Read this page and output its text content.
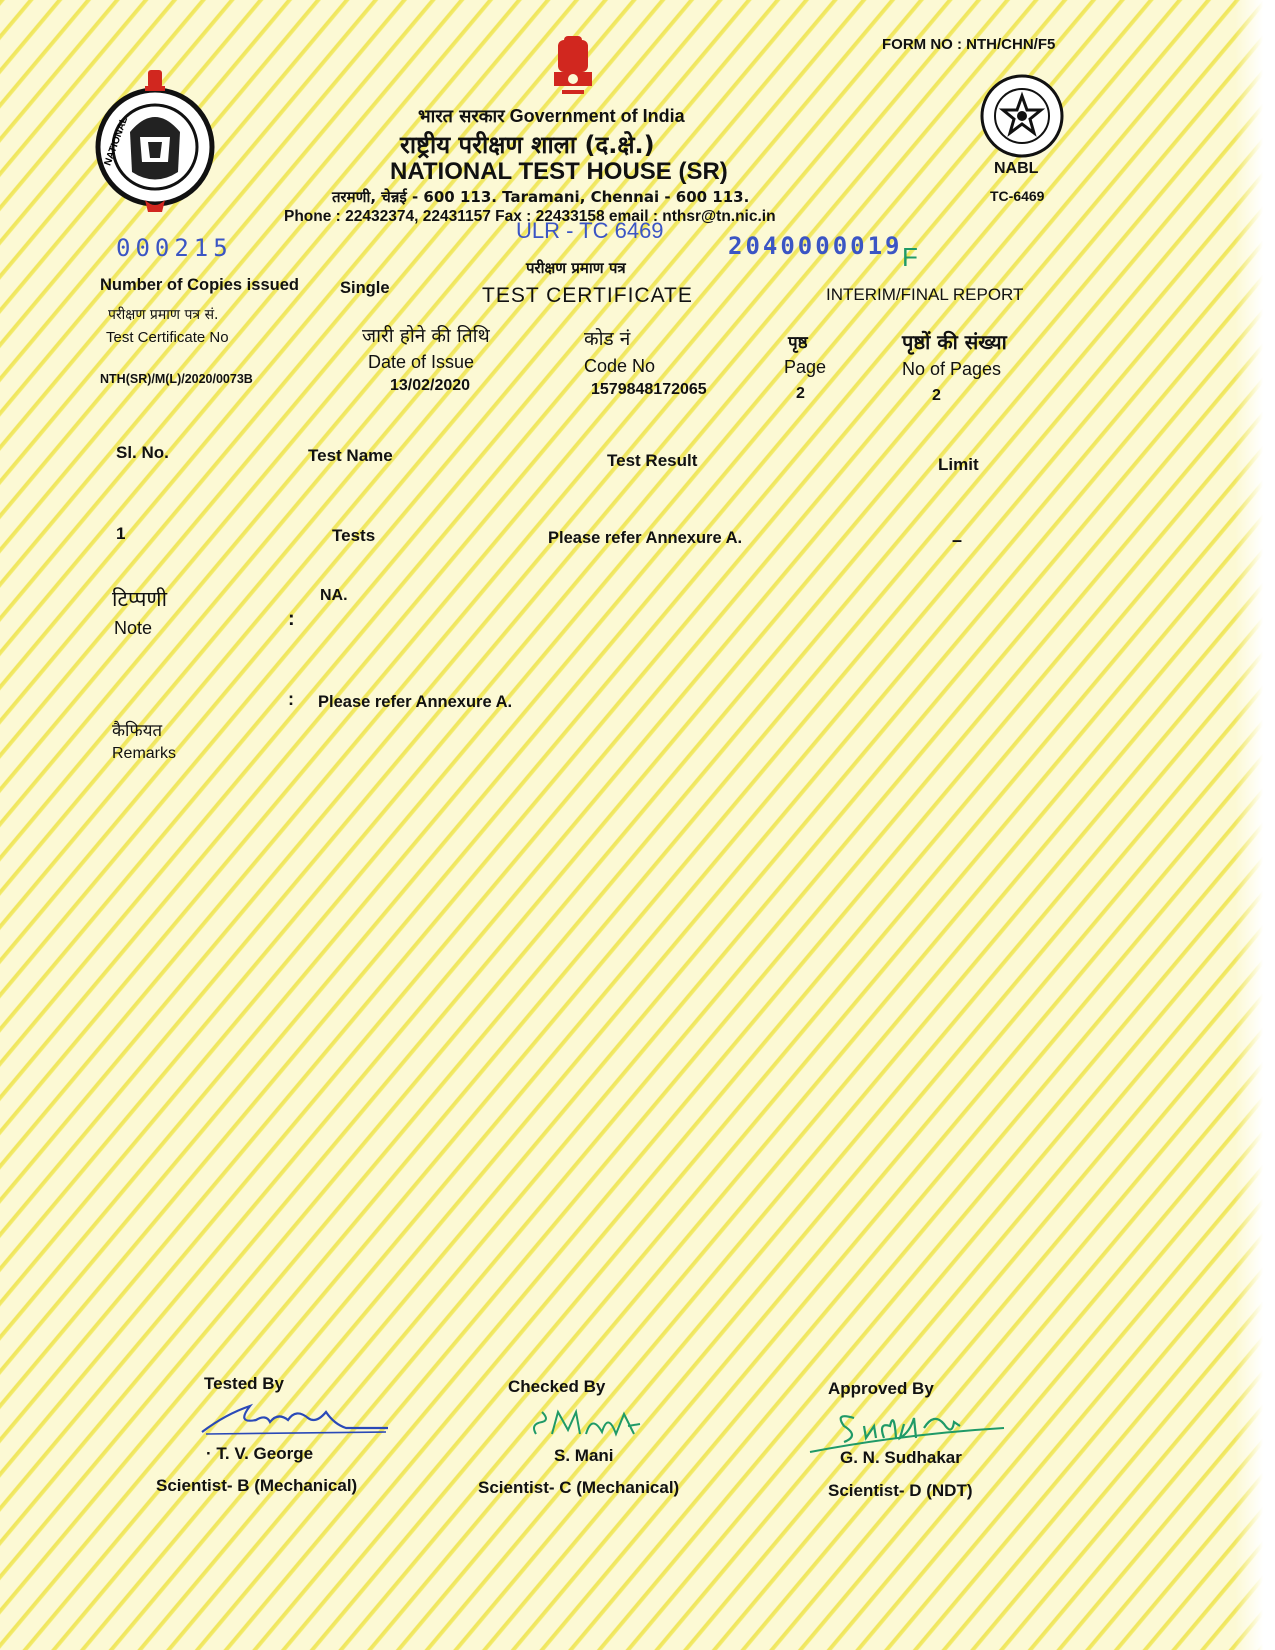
NATIONAL
FORM NO : NTH/CHN/F5
NABL
TC-6469
भारत सरकार Government of India
राष्ट्रीय परीक्षण शाला (द.क्षे.)
NATIONAL TEST HOUSE (SR)
तरमणी, चेन्नई - 600 113. Taramani, Chennai - 600 113.
Phone : 22432374, 22431157 Fax : 22433158 email : nthsr@tn.nic.in
000215
ULR - TC 6469
2040000019 F
Number of Copies issued Single
परीक्षण प्रमाण पत्र
TEST CERTIFICATE	INTERIM/FINAL REPORT
परीक्षण प्रमाण पत्र सं.
Test Certificate No
NTH(SR)/M(L)/2020/0073B
जारी होने की तिथि
Date of Issue
13/02/2020
कोड नं
Code No
1579848172065
पृष्ठ
Page
2
पृष्ठों की संख्या
No of Pages
2
Sl. No.	Test Name	Test Result	Limit
1	Tests	Please refer Annexure A.	–
टिप्पणी
Note	:
NA.
: Please refer Annexure A.
कैफियत
Remarks
Tested By
· T. V. George
Scientist- B (Mechanical)
Checked By
S. Mani
Scientist- C (Mechanical)
Approved By
G. N. Sudhakar
Scientist- D (NDT)
